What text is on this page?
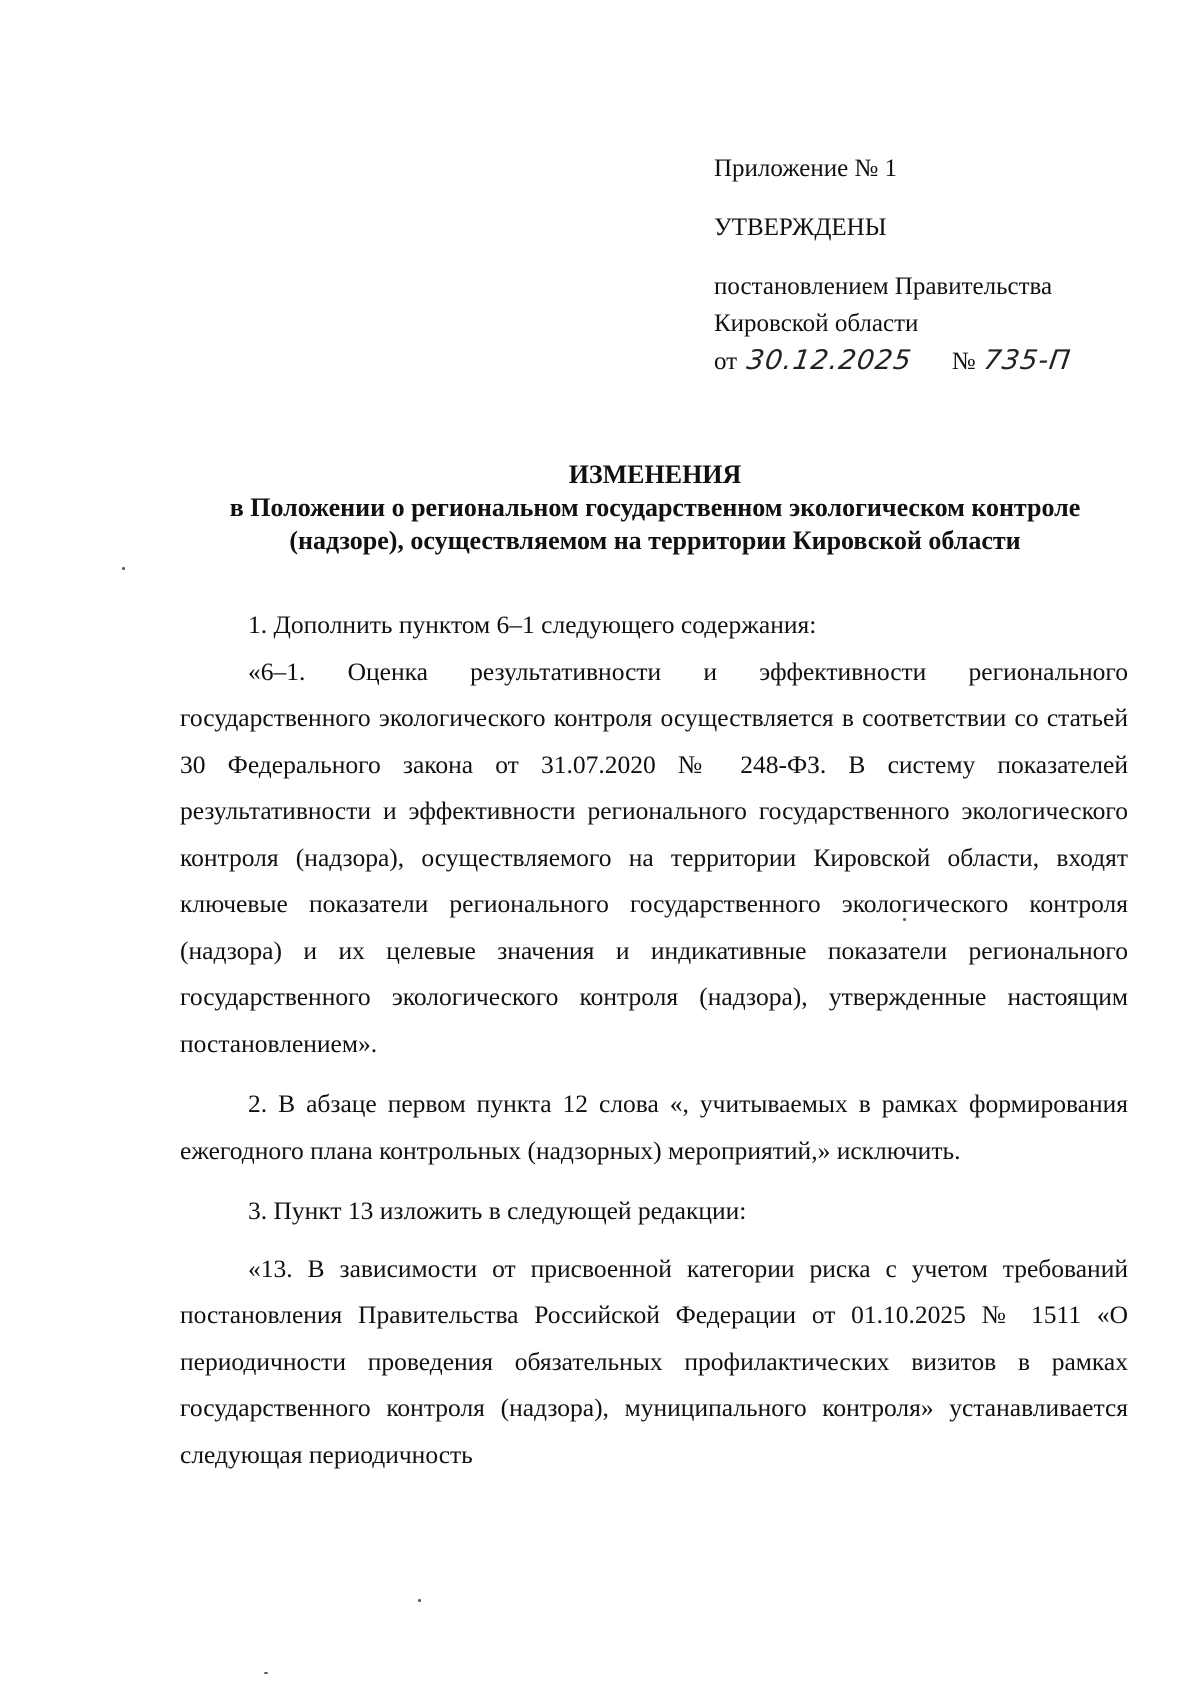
Приложение № 1
УТВЕРЖДЕНЫ
постановлением Правительства
Кировской области
от 30.12.2025 № 735-П
ИЗМЕНЕНИЯ
в Положении о региональном государственном экологическом контроле
(надзоре), осуществляемом на территории Кировской области

1. Дополнить пунктом 6–1 следующего содержания:

«6–1. Оценка результативности и эффективности регионального государственного экологического контроля осуществляется в соответствии со статьей 30 Федерального закона от 31.07.2020 № 248-ФЗ. В систему показателей результативности и эффективности регионального государственного экологического контроля (надзора), осуществляемого на территории Кировской области, входят ключевые показатели регионального государственного экологического контроля (надзора) и их целевые значения и индикативные показатели регионального государственного экологического контроля (надзора), утвержденные настоящим постановлением».

2. В абзаце первом пункта 12 слова «, учитываемых в рамках формирования ежегодного плана контрольных (надзорных) мероприятий,» исключить.

3. Пункт 13 изложить в следующей редакции:

«13. В зависимости от присвоенной категории риска с учетом требований постановления Правительства Российской Федерации от 01.10.2025 № 1511 «О периодичности проведения обязательных профилактических визитов в рамках государственного контроля (надзора), муниципального контроля» устанавливается следующая периодичность
